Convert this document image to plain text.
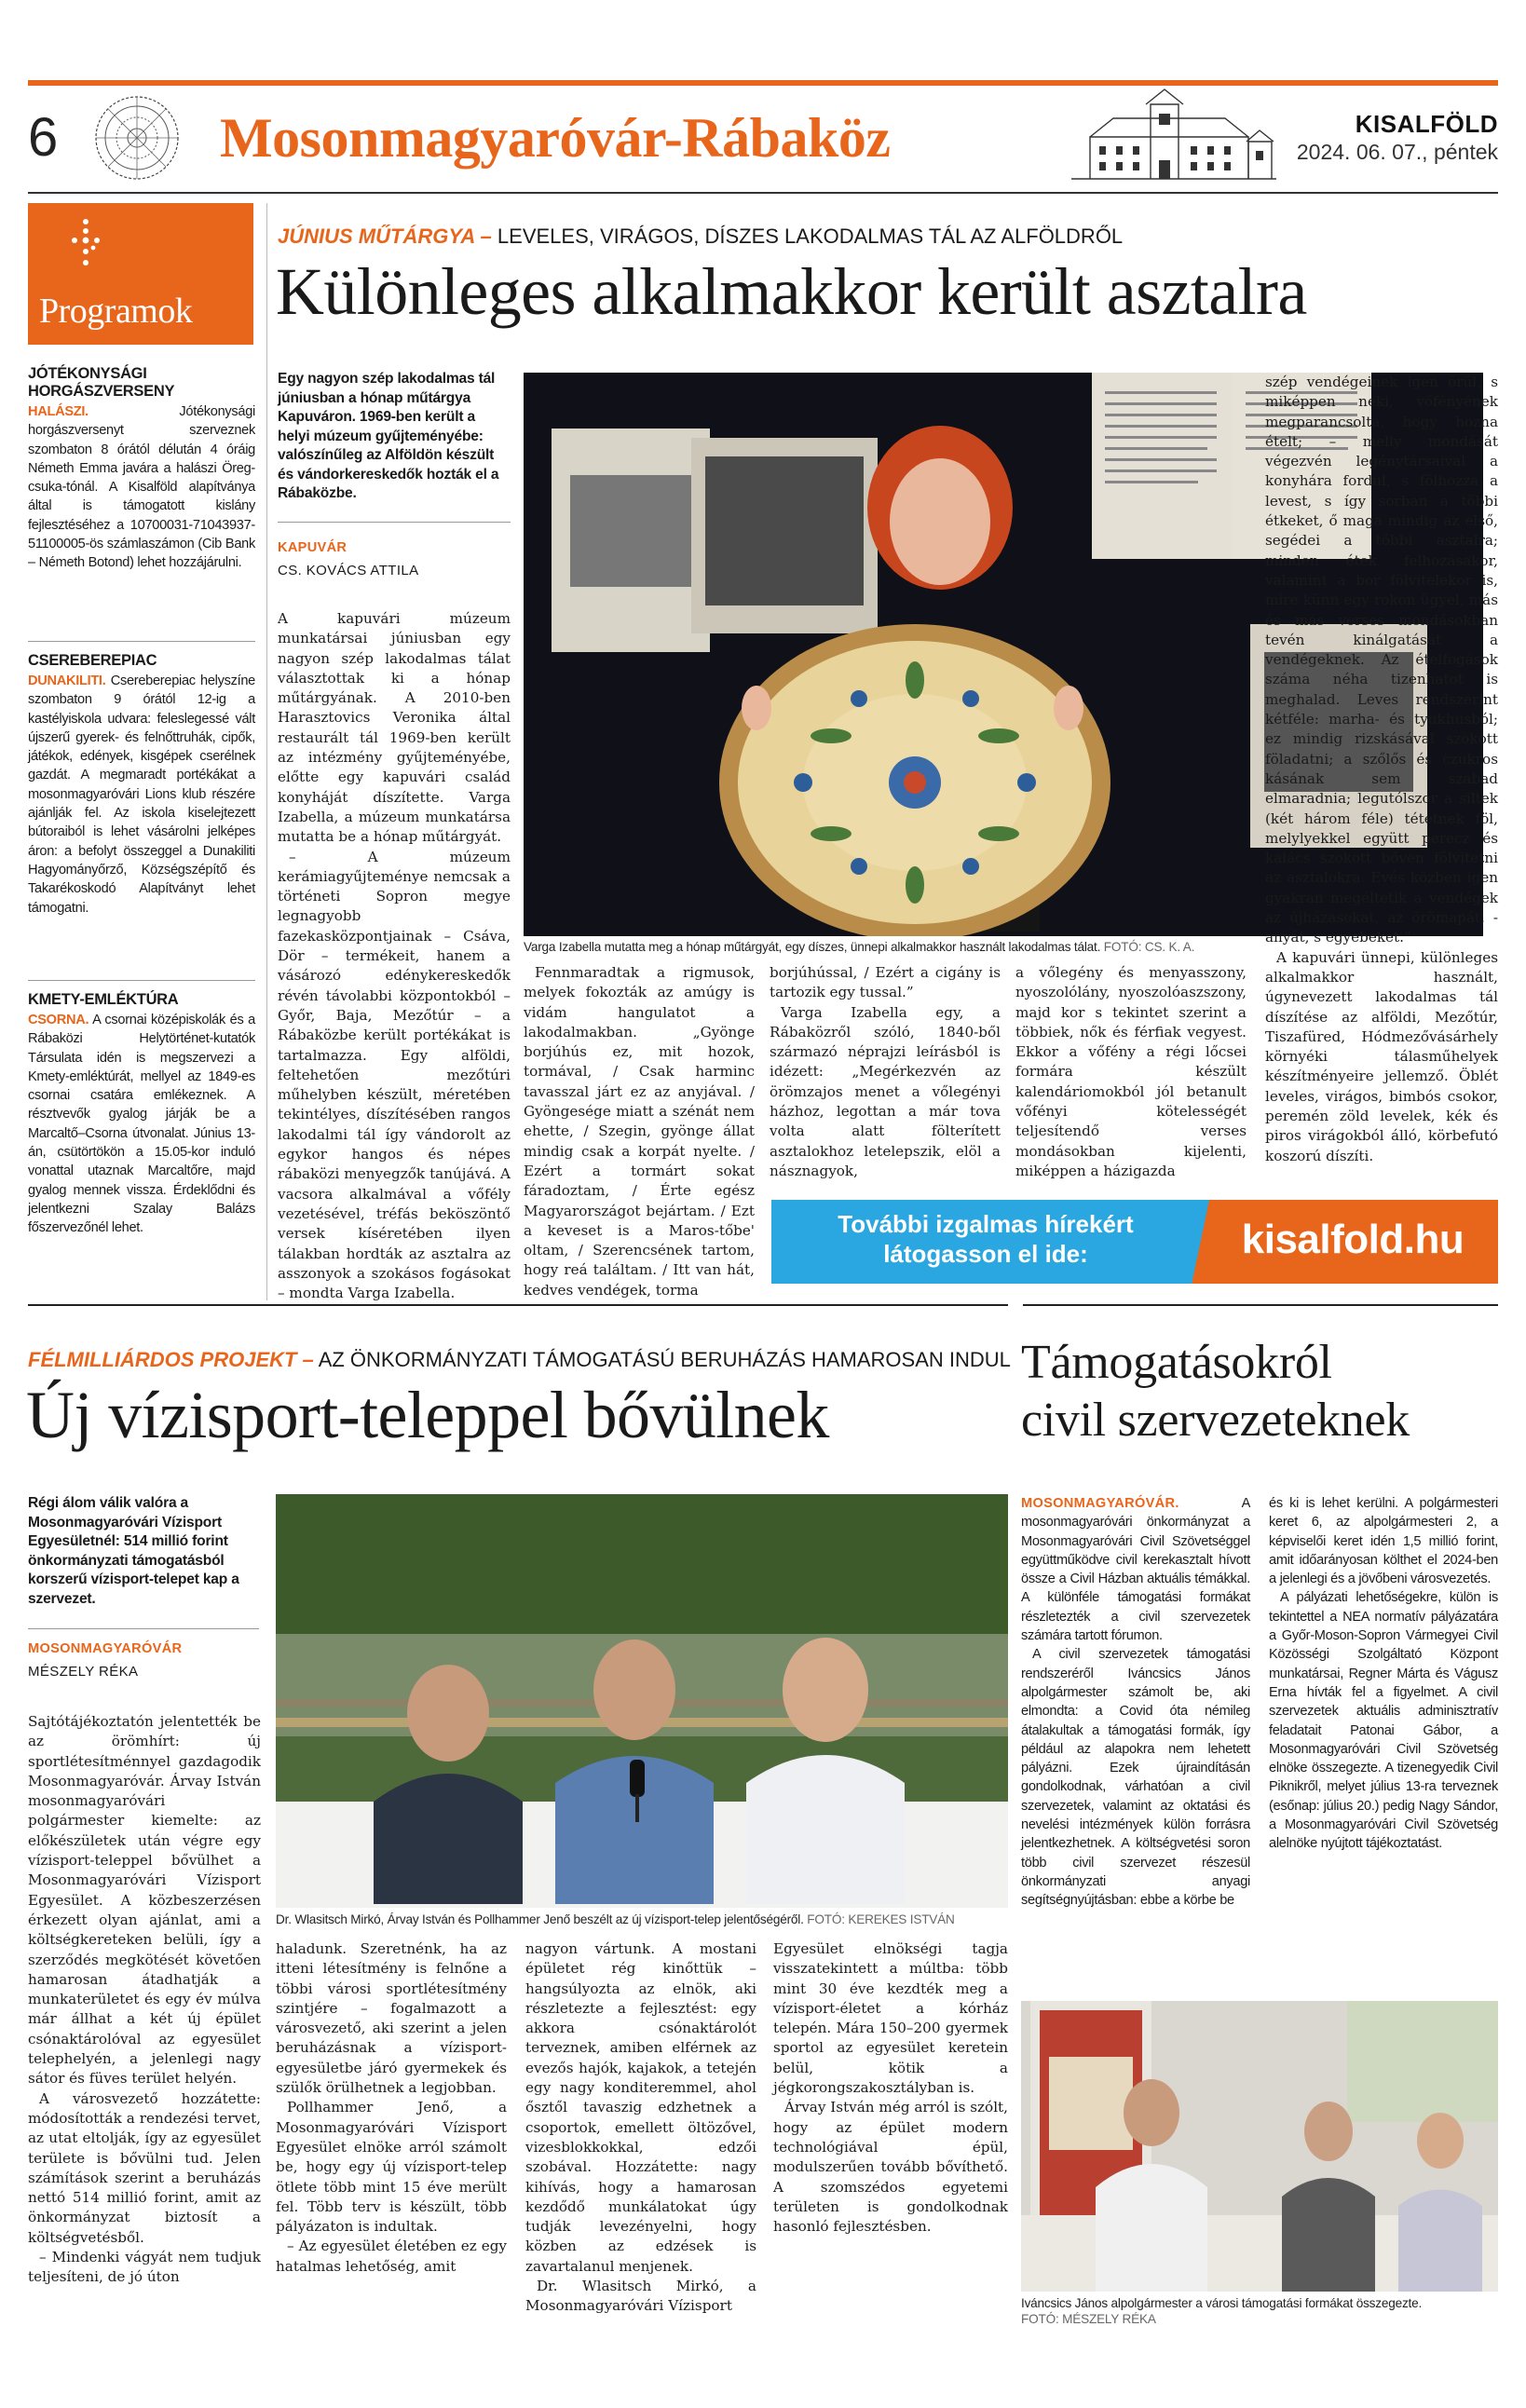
6	Mosonmagyaróvár-Rábaköz	KISALFÖLD
2024. 06. 07., péntek
Programok
JÓTÉKONYSÁGI HORGÁSZVERSENY
HALÁSZI.	Jótékonysági horgászversenyt szerveznek szombaton 8 órától délután 4 óráig Németh Emma javára a halászi Öreg-csuka-tónál. A Kisalföld alapítványa által is támogatott kislány fejlesztéséhez a 10700031-71043937-51100005-ös számlaszámon (Cib Bank – Németh Botond) lehet hozzájárulni.
CSEREBEREPIAC
DUNAKILITI. Csereberepiac helyszíne szombaton 9 órától 12-ig a kastélyiskola udvara: feleslegessé vált újszerű gyerek- és felnőttruhák, cipők, játékok, edények, kisgépek cserélnek gazdát. A megmaradt portékákat a mosonmagyaróvári Lions klub részére ajánlják fel. Az iskola kiselejtezett bútoraiból is lehet vásárolni jelképes áron: a befolyt összeggel a Dunakiliti Hagyományőrző, Községszépítő és Takarékoskodó Alapítványt lehet támogatni.
KMETY-EMLÉKTÚRA
CSORNA. A csornai középiskolák és a Rábaközi Helytörténet-kutatók Társulata idén is megszervezi a Kmety-emléktúrát, mellyel az 1849-es csornai csatára emlékeznek. A résztvevők gyalog járják be a Marcaltő–Csorna útvonalat. Június 13-án, csütörtökön a 15.05-kor induló vonattal utaznak Marcaltőre, majd gyalog mennek vissza. Érdeklődni és jelentkezni Szalay Balázs főszervezőnél lehet.
JÚNIUS MŰTÁRGYA – LEVELES, VIRÁGOS, DÍSZES LAKODALMAS TÁL AZ ALFÖLDRŐL
Különleges alkalmakkor került asztalra
Egy nagyon szép lakodalmas tál júniusban a hónap műtárgya Kapuváron. 1969-ben került a helyi múzeum gyűjteményébe: valószínűleg az Alföldön készült és vándorkereskedők hozták el a Rábaközbe.
KAPUVÁR
CS. KOVÁCS ATTILA

A kapuvári múzeum munkatársai júniusban egy nagyon szép lakodalmas tálat választottak ki a hónap műtárgyának. A 2010-ben Harasztovics Veronika által restaurált tál 1969-ben került az intézmény gyűjteményébe, előtte egy kapuvári család konyháját díszítette. Varga Izabella, a múzeum munkatársa mutatta be a hónap műtárgyát.

– A múzeum kerámiagyűjteménye nemcsak a történeti Sopron megye legnagyobb fazekasközpontjainak – Csáva, Dör – termékeit, hanem a vásározó edénykereskedők révén távolabbi központokból – Győr, Baja, Mezőtúr – a Rábaközbe került portékákat is tartalmazza. Egy alföldi, feltehetően mezőtúri műhelyben készült, méretében tekintélyes, díszítésében rangos lakodalmi tál így vándorolt az egykor hangos és népes rábaközi menyegzők tanújává. A vacsora alkalmával a vőfély vezetésével, tréfás beköszöntő versek kíséretében ilyen tálakban hordták az asztalra az asszonyok a szokásos fogásokat – mondta Varga Izabella.

Varga Izabella mutatta meg a hónap műtárgyát, egy díszes, ünnepi alkalmakkor használt lakodalmas tálat. FOTÓ: CS. K. A.

Fennmaradtak a rigmusok, melyek fokozták az amúgy is vidám hangulatot a lakodalmakban. „Gyönge borjúhús ez, mit hozok, tormával, / Csak harminc tavasszal járt ez az anyjával. / Gyöngesége miatt a szénát nem ehette, / Szegin, gyönge állat mindig csak a korpát nyelte. / Ezért a tormárt sokat fáradoztam, / Érte egész Magyarországot bejártam. / Ezt a keveset is a Maros-tőbe' oltam, / Szerencsének tartom, hogy reá találtam. / Itt van hát, kedves vendégek, torma

borjúhússal, / Ezért a cigány is tartozik egy tussal.”

Varga Izabella egy, a Rábaközről szóló, 1840-ből származó néprajzi leírásból is idézett: „Megérkezvén az örömzajos menet a vőlegényi házhoz, legottan a már tova volta alatt fölterített asztalokhoz letelepszik, elöl a násznagyok,

a vőlegény és menyasszony, nyoszolólány, nyoszolóaszszony, majd kor s tekintet szerint a többiek, nők és férfiak vegyest. Ekkor a vőfény a régi lőcsei formára készült kalendáriomokból jól betanult vőfényi kötelességét teljesítendő verses mondásokban kijelenti, miképpen a házigazda

szép vendégeinek igen örül, s miképpen neki, vőfényének megparancsolta, hogy hozna ételt; – melly mondását végezvén legénytársaival a konyhára fordul, s fölhozza a levest, s így sorban a többi étkeket, ő maga mindig az első, segédei a többi asztalra; minden étek felhozásakor, valamint a bor fölvitelekor is, mire künn egy rokon ügyel, más és más verses mondásokban tevén kinálgatását a vendégeknek. Az ételfogások száma néha tizenhatot is meghalad. Leves rendszerint kétféle: marha- és tyukhusból; ez mindig rizskásával szokott föladatni; a szőlős és czukros kásának sem szabad elmaradnia; legutólszor a siltek (két három féle) tétetnek föl, melylyekkel együtt perecz és kalács szokott bőven fölvitetni az asztalokra. Evés közben igen gyakran megéltetik a vendégek az újházasokat, az örömapát, -anyát, s egyebeket.”

A kapuvári ünnepi, különleges alkalmakkor használt, úgynevezett lakodalmas tál díszítése az alföldi, Mezőtúr, Tiszafüred, Hódmezővásárhely környéki tálasműhelyek készítményeire jellemző. Öblét leveles, virágos, bimbós csokor, peremén zöld levelek, kék és piros virágokból álló, körbefutó koszorú díszíti.

További izgalmas hírekért
látogasson el ide:	kisalfold.hu
FÉLMILLIÁRDOS PROJEKT – AZ ÖNKORMÁNYZATI TÁMOGATÁSÚ BERUHÁZÁS HAMAROSAN INDUL
Új vízisport-teleppel bővülnek
Régi álom válik valóra a Mosonmagyaróvári Vízisport Egyesületnél: 514 millió forint önkormányzati támogatásból korszerű vízisport-telepet kap a szervezet.
MOSONMAGYARÓVÁR
MÉSZELY RÉKA

Sajtótájékoztatón jelentették be az örömhírt: új sportlétesítménnyel gazdagodik Mosonmagyaróvár. Árvay István mosonmagyaróvári polgármester kiemelte: az előkészületek után végre egy vízisport-teleppel bővülhet a Mosonmagyaróvári Vízisport Egyesület. A közbeszerzésen érkezett olyan ajánlat, ami a költségkereteken belüli, így a szerződés megkötését követően hamarosan átadhatják a munkaterületet és egy év múlva már állhat a két új épület csónaktárolóval az egyesület telephelyén, a jelenlegi nagy sátor és füves terület helyén.

A városvezető hozzátette: módosították a rendezési tervet, az utat eltolják, így az egyesület területe is bővülni tud. Jelen számítások szerint a beruházás nettó 514 millió forint, amit az önkormányzat biztosít a költségvetésből.

– Mindenki vágyát nem tudjuk teljesíteni, de jó úton

Dr. Wlasitsch Mirkó, Árvay István és Pollhammer Jenő beszélt az új vízisport-telep jelentőségéről. FOTÓ: KEREKES ISTVÁN

haladunk. Szeretnénk, ha az itteni létesítmény is felnőne a többi városi sportlétesítmény szintjére – fogalmazott a városvezető, aki szerint a jelen beruházásnak a vízisport-egyesületbe járó gyermekek és szülők örülhetnek a legjobban.

Pollhammer Jenő, a Mosonmagyaróvári Vízisport Egyesület elnöke arról számolt be, hogy egy új vízisport-telep ötlete több mint 15 éve merült fel. Több terv is készült, több pályázaton is indultak.

– Az egyesület életében ez egy hatalmas lehetőség, amit

nagyon vártunk. A mostani épületet rég kinőttük – hangsúlyozta az elnök, aki részletezte a fejlesztést: egy akkora csónaktárolót terveznek, amiben elférnek az evezős hajók, kajakok, a tetején egy nagy konditeremmel, ahol ősztől tavaszig edzhetnek a csoportok, emellett öltözővel, vizesblokkokkal, edzői szobával. Hozzátette: nagy kihívás, hogy a hamarosan kezdődő munkálatokat úgy tudják levezényelni, hogy közben az edzések is zavartalanul menjenek.

Dr. Wlasitsch Mirkó, a Mosonmagyaróvári Vízisport

Egyesület elnökségi tagja visszatekintett a múltba: több mint 30 éve kezdték meg a vízisport-életet a kórház telepén. Mára 150–200 gyermek sportol az egyesület keretein belül, kötik a jégkorongszakosztályban is.

Árvay István még arról is szólt, hogy az épület modern technológiával épül, modulszerűen tovább bővíthető. A szomszédos egyetemi területen is gondolkodnak hasonló fejlesztésben.

Támogatásokról
civil szervezeteknek
MOSONMAGYARÓVÁR.	A mosonmagyaróvári önkormányzat a Mosonmagyaróvári Civil Szövetséggel együttműködve civil kerekasztalt hívott össze a Civil Házban aktuális témákkal. A különféle támogatási formákat részletezték a civil szervezetek számára tartott fórumon.
A civil szervezetek támogatási rendszeréről Iváncsics János alpolgármester számolt be, aki elmondta: a Covid óta némileg átalakultak a támogatási formák, így például az alapokra nem lehetett pályázni. Ezek újraindításán gondolkodnak, várhatóan a civil szervezetek, valamint az oktatási és nevelési intézmények külön forrásra jelentkezhetnek. A költségvetési soron több civil szervezet részesül önkormányzati anyagi segítségnyújtásban: ebbe a körbe be
és ki is lehet kerülni. A polgármesteri keret 6, az alpolgármesteri 2, a képviselői keret idén 1,5 millió forint, amit időarányosan költhet el 2024-ben a jelenlegi és a jövőbeni városvezetés.
A pályázati lehetőségekre, külön is tekintettel a NEA normatív pályázatára a Győr-Moson-Sopron Vármegyei Civil Közösségi Szolgáltató Központ munkatársai, Regner Márta és Vágusz Erna hívták fel a figyelmet. A civil szervezetek aktuális adminisztratív feladatait Patonai Gábor, a Mosonmagyaróvári Civil Szövetség elnöke összegezte. A tizenegyedik Civil Piknikről, melyet július 13-ra terveznek (esőnap: július 20.) pedig Nagy Sándor, a Mosonmagyaróvári Civil Szövetség alelnöke nyújtott tájékoztatást.
Iváncsics János alpolgármester a városi támogatási formákat összegezte.
FOTÓ: MÉSZELY RÉKA
